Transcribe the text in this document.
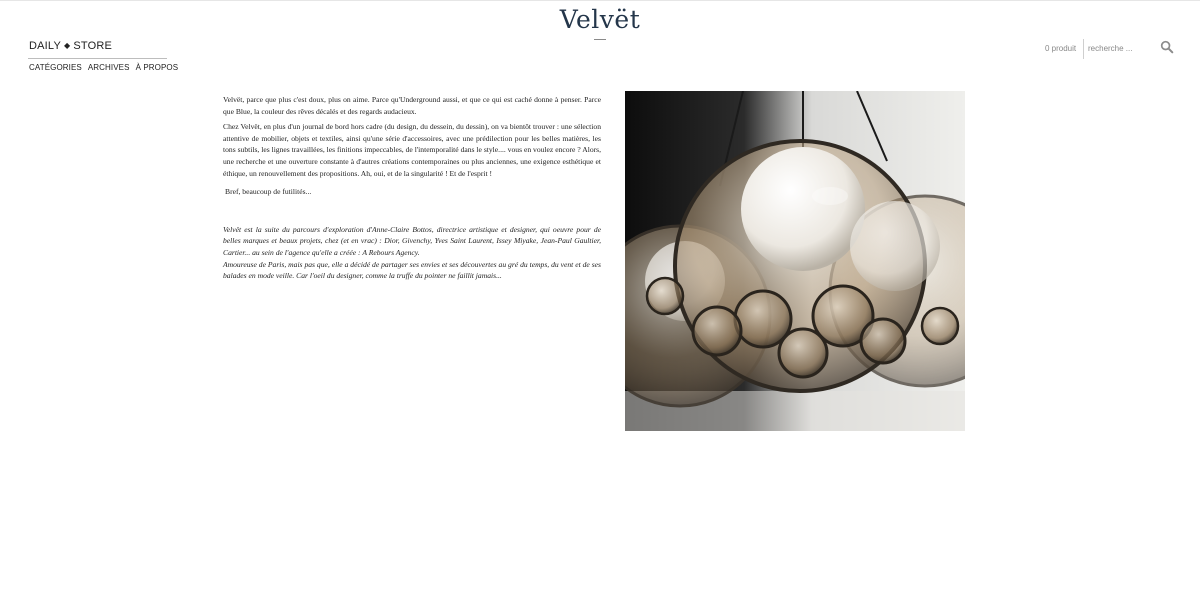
Velvët
DAILY ◆ STORE
CATÉGORIES ARCHIVES À PROPOS
0 produit
recherche ...

Velvët, parce que plus c'est doux, plus on aime. Parce qu'Underground aussi, et que ce qui est caché donne à penser. Parce que Blue, la couleur des rêves décalés et des regards audacieux.

Chez Velvët, en plus d'un journal de bord hors cadre (du design, du dessein, du dessin), on va bientôt trouver : une sélection attentive de mobilier, objets et textiles, ainsi qu'une série d'accessoires, avec une prédilection pour les belles matières, les tons subtils, les lignes travaillées, les finitions impeccables, de l'intemporalité dans le style.... vous en voulez encore ? Alors, une recherche et une ouverture constante à d'autres créations contemporaines ou plus anciennes, une exigence esthétique et éthique, un renouvellement des propositions. Ah, oui, et de la singularité ! Et de l'esprit !

Bref, beaucoup de futilités...

Velvët est la suite du parcours d'exploration d'Anne-Claire Bottos, directrice artistique et designer, qui oeuvre pour de belles marques et beaux projets, chez (et en vrac) : Dior, Givenchy, Yves Saint Laurent, Issey Miyake, Jean-Paul Gaultier, Cartier... au sein de l'agence qu'elle a créée : A Rebours Agency.
Amoureuse de Paris, mais pas que, elle a décidé de partager ses envies et ses découvertes au gré du temps, du vent et de ses balades en mode veille. Car l'oeil du designer, comme la truffe du pointer ne faillit jamais...
